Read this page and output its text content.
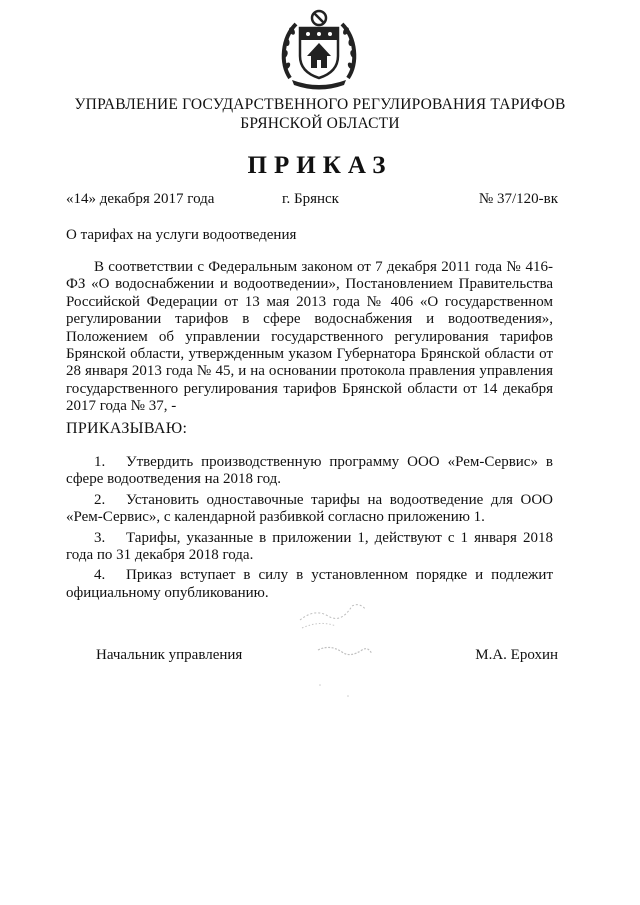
УПРАВЛЕНИЕ ГОСУДАРСТВЕННОГО РЕГУЛИРОВАНИЯ ТАРИФОВ
БРЯНСКОЙ ОБЛАСТИ
ПРИКАЗ
«14» декабря 2017 года	г. Брянск	№ 37/120-вк
О тарифах на услуги водоотведения

В соответствии с Федеральным законом от 7 декабря 2011 года № 416-ФЗ «О водоснабжении и водоотведении», Постановлением Правительства Российской Федерации от 13 мая 2013 года № 406 «О государственном регулировании тарифов в сфере водоснабжения и водоотведения», Положением об управлении государственного регулирования тарифов Брянской области, утвержденным указом Губернатора Брянской области от 28 января 2013 года № 45, и на основании протокола правления управления государственного регулирования тарифов Брянской области от 14 декабря 2017 года № 37, -

ПРИКАЗЫВАЮ:

1. Утвердить производственную программу ООО «Рем-Сервис» в сфере водоотведения на 2018 год.

2. Установить одноставочные тарифы на водоотведение для ООО «Рем-Сервис», с календарной разбивкой согласно приложению 1.

3. Тарифы, указанные в приложении 1, действуют с 1 января 2018 года по 31 декабря 2018 года.

4. Приказ вступает в силу в установленном порядке и подлежит официальному опубликованию.

Начальник управления	М.А. Ерохин
